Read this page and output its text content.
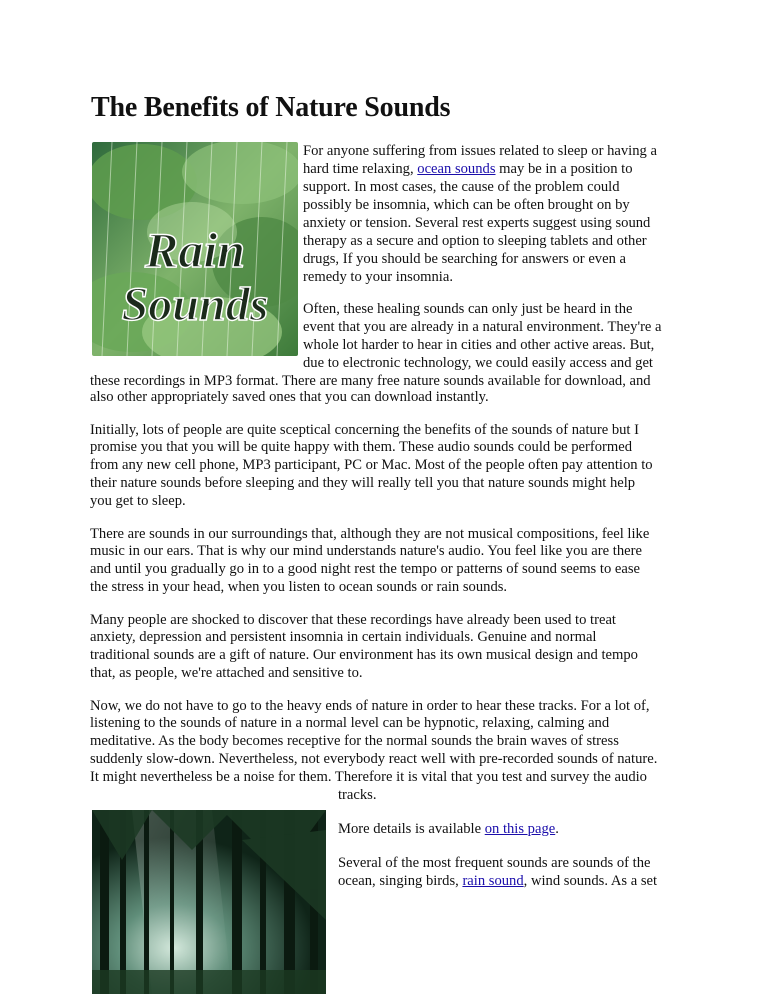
The Benefits of Nature Sounds
Rain
Sounds
For anyone suffering from issues related to sleep or having a
hard time relaxing, ocean sounds may be in a position to
support. In most cases, the cause of the problem could
possibly be insomnia, which can be often brought on by
anxiety or tension. Several rest experts suggest using sound
therapy as a secure and option to sleeping tablets and other
drugs, If you should be searching for answers or even a
remedy to your insomnia.
Often, these healing sounds can only just be heard in the
event that you are already in a natural environment. They're a
whole lot harder to hear in cities and other active areas. But,
due to electronic technology, we could easily access and get
these recordings in MP3 format. There are many free nature sounds available for download, and
also other appropriately saved ones that you can download instantly.
Initially, lots of people are quite sceptical concerning the benefits of the sounds of nature but I
promise you that you will be quite happy with them. These audio sounds could be performed
from any new cell phone, MP3 participant, PC or Mac. Most of the people often pay attention to
their nature sounds before sleeping and they will really tell you that nature sounds might help
you get to sleep.
There are sounds in our surroundings that, although they are not musical compositions, feel like
music in our ears. That is why our mind understands nature's audio. You feel like you are there
and until you gradually go in to a good night rest the tempo or patterns of sound seems to ease
the stress in your head, when you listen to ocean sounds or rain sounds.
Many people are shocked to discover that these recordings have already been used to treat
anxiety, depression and persistent insomnia in certain individuals. Genuine and normal
traditional sounds are a gift of nature. Our environment has its own musical design and tempo
that, as people, we're attached and sensitive to.
Now, we do not have to go to the heavy ends of nature in order to hear these tracks. For a lot of,
listening to the sounds of nature in a normal level can be hypnotic, relaxing, calming and
meditative. As the body becomes receptive for the normal sounds the brain waves of stress
suddenly slow-down. Nevertheless, not everybody react well with pre-recorded sounds of nature.
It might nevertheless be a noise for them. Therefore it is vital that you test and survey the audio
tracks.
More details is available on this page.
Several of the most frequent sounds are sounds of the
ocean, singing birds, rain sound, wind sounds. As a set
